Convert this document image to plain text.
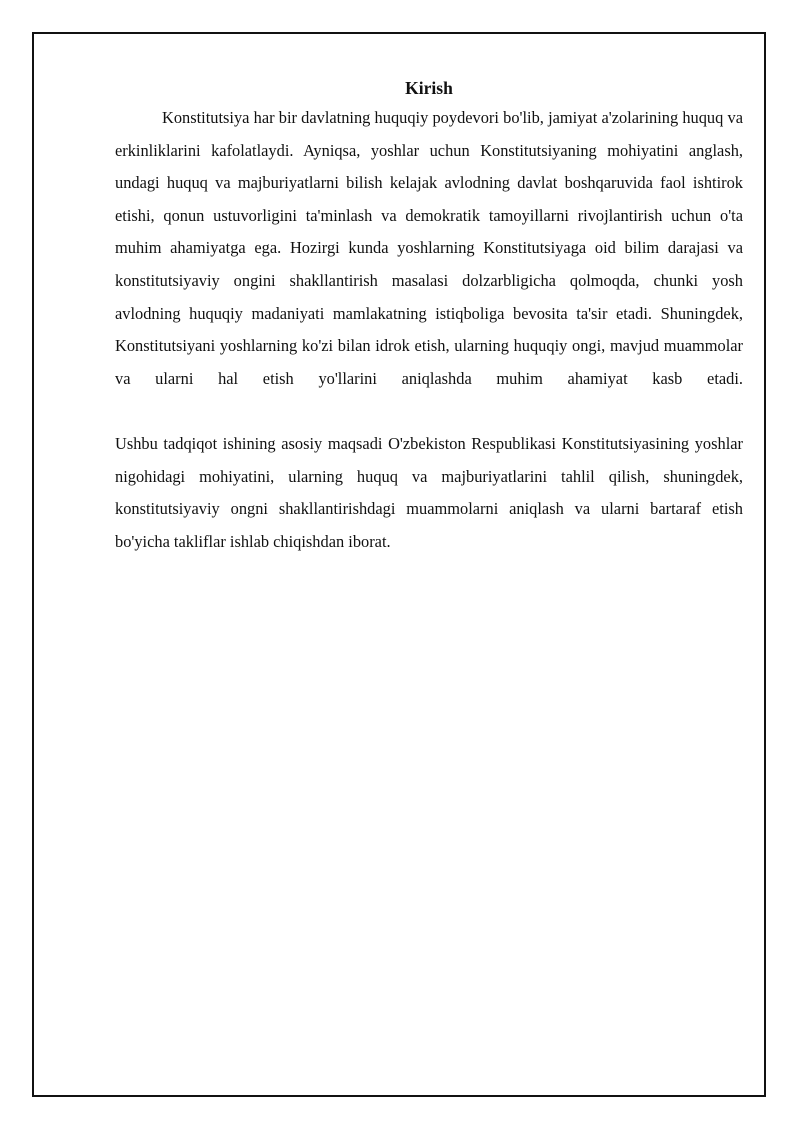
Kirish

Konstitutsiya har bir davlatning huquqiy poydevori bo'lib, jamiyat a'zolarining huquq va erkinliklarini kafolatlaydi. Ayniqsa, yoshlar uchun Konstitutsiyaning mohiyatini anglash, undagi huquq va majburiyatlarni bilish kelajak avlodning davlat boshqaruvida faol ishtirok etishi, qonun ustuvorligini ta'minlash va demokratik tamoyillarni rivojlantirish uchun o'ta muhim ahamiyatga ega. Hozirgi kunda yoshlarning Konstitutsiyaga oid bilim darajasi va konstitutsiyaviy ongini shakllantirish masalasi dolzarbligicha qolmoqda, chunki yosh avlodning huquqiy madaniyati mamlakatning istiqboliga bevosita ta'sir etadi. Shuningdek, Konstitutsiyani yoshlarning ko'zi bilan idrok etish, ularning huquqiy ongi, mavjud muammolar va ularni hal etish yo'llarini aniqlashda muhim ahamiyat kasb etadi.

Ushbu tadqiqot ishining asosiy maqsadi O'zbekiston Respublikasi Konstitutsiyasining yoshlar nigohidagi mohiyatini, ularning huquq va majburiyatlarini tahlil qilish, shuningdek, konstitutsiyaviy ongni shakllantirishdagi muammolarni aniqlash va ularni bartaraf etish bo'yicha takliflar ishlab chiqishdan iborat.
